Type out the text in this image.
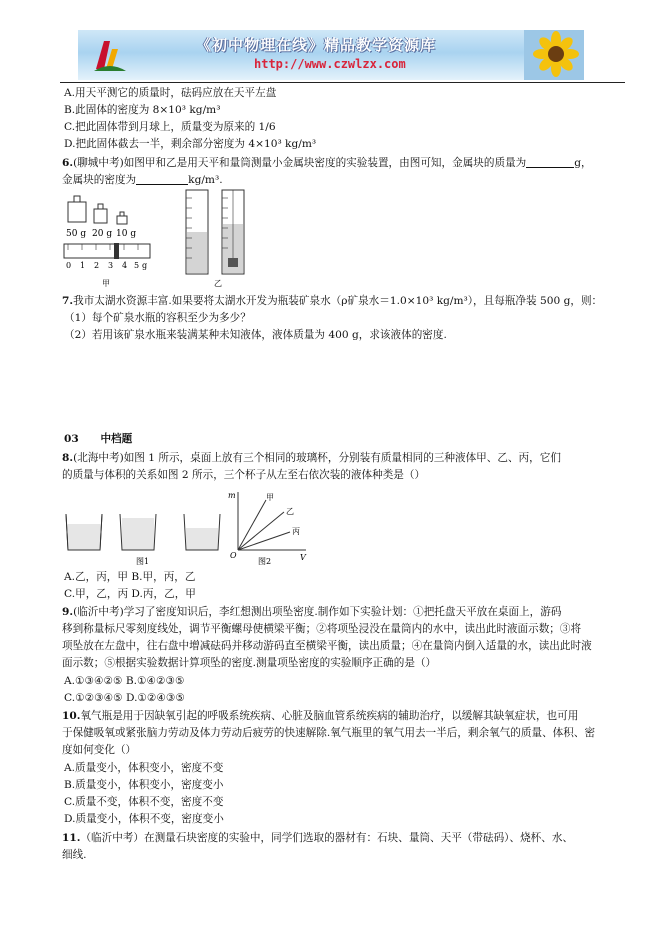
《初中物理在线》精品教学资源库
http://www.czwlzx.com
A.用天平测它的质量时，砝码应放在天平左盘
B.此固体的密度为 8×10³ kg/m³
C.把此固体带到月球上，质量变为原来的 1/6
D.把此固体截去一半，剩余部分密度为 4×10³ kg/m³
6.(聊城中考)如图甲和乙是用天平和量筒测量小金属块密度的实验装置，由图可知，金属块的质量为	g，
金属块的密度为	kg/m³.
50 g 20 g 10 g
0 1 2 3 4 5 g
甲	乙
7.我市太湖水资源丰富.如果要将太湖水开发为瓶装矿泉水（ρ矿泉水＝1.0×10³ kg/m³），且每瓶净装 500 g，则：
（1）每个矿泉水瓶的容积至少为多少？
（2）若用该矿泉水瓶来装满某种未知液体，液体质量为 400 g，求该液体的密度.
03 中档题
8.(北海中考)如图 1 所示，桌面上放有三个相同的玻璃杯，分别装有质量相同的三种液体甲、乙、丙，它们
的质量与体积的关系如图 2 所示，三个杯子从左至右依次装的液体种类是（）
图1
m
V
O
甲
乙
丙
图2
A.乙，丙，甲 B.甲，丙，乙
C.甲，乙，丙 D.丙，乙，甲
9.(临沂中考)学习了密度知识后，李红想测出项坠密度.制作如下实验计划：①把托盘天平放在桌面上，游码
移到称量标尺零刻度线处，调节平衡螺母使横梁平衡；②将项坠浸没在量筒内的水中，读出此时液面示数；③将
项坠放在左盘中，往右盘中增减砝码并移动游码直至横梁平衡，读出质量；④在量筒内倒入适量的水，读出此时液
面示数；⑤根据实验数据计算项坠的密度.测量项坠密度的实验顺序正确的是（）
A.①③④②⑤ B.①④②③⑤
C.①②③④⑤ D.①②④③⑤
10.氧气瓶是用于因缺氧引起的呼吸系统疾病、心脏及脑血管系统疾病的辅助治疗，以缓解其缺氧症状，也可用
于保健吸氧或紧张脑力劳动及体力劳动后疲劳的快速解除.氧气瓶里的氧气用去一半后，剩余氧气的质量、体积、密
度如何变化（）
A.质量变小，体积变小，密度不变
B.质量变小，体积变小，密度变小
C.质量不变，体积不变，密度不变
D.质量变小，体积不变，密度变小
11.（临沂中考）在测量石块密度的实验中，同学们选取的器材有：石块、量筒、天平（带砝码）、烧杯、水、
细线.
